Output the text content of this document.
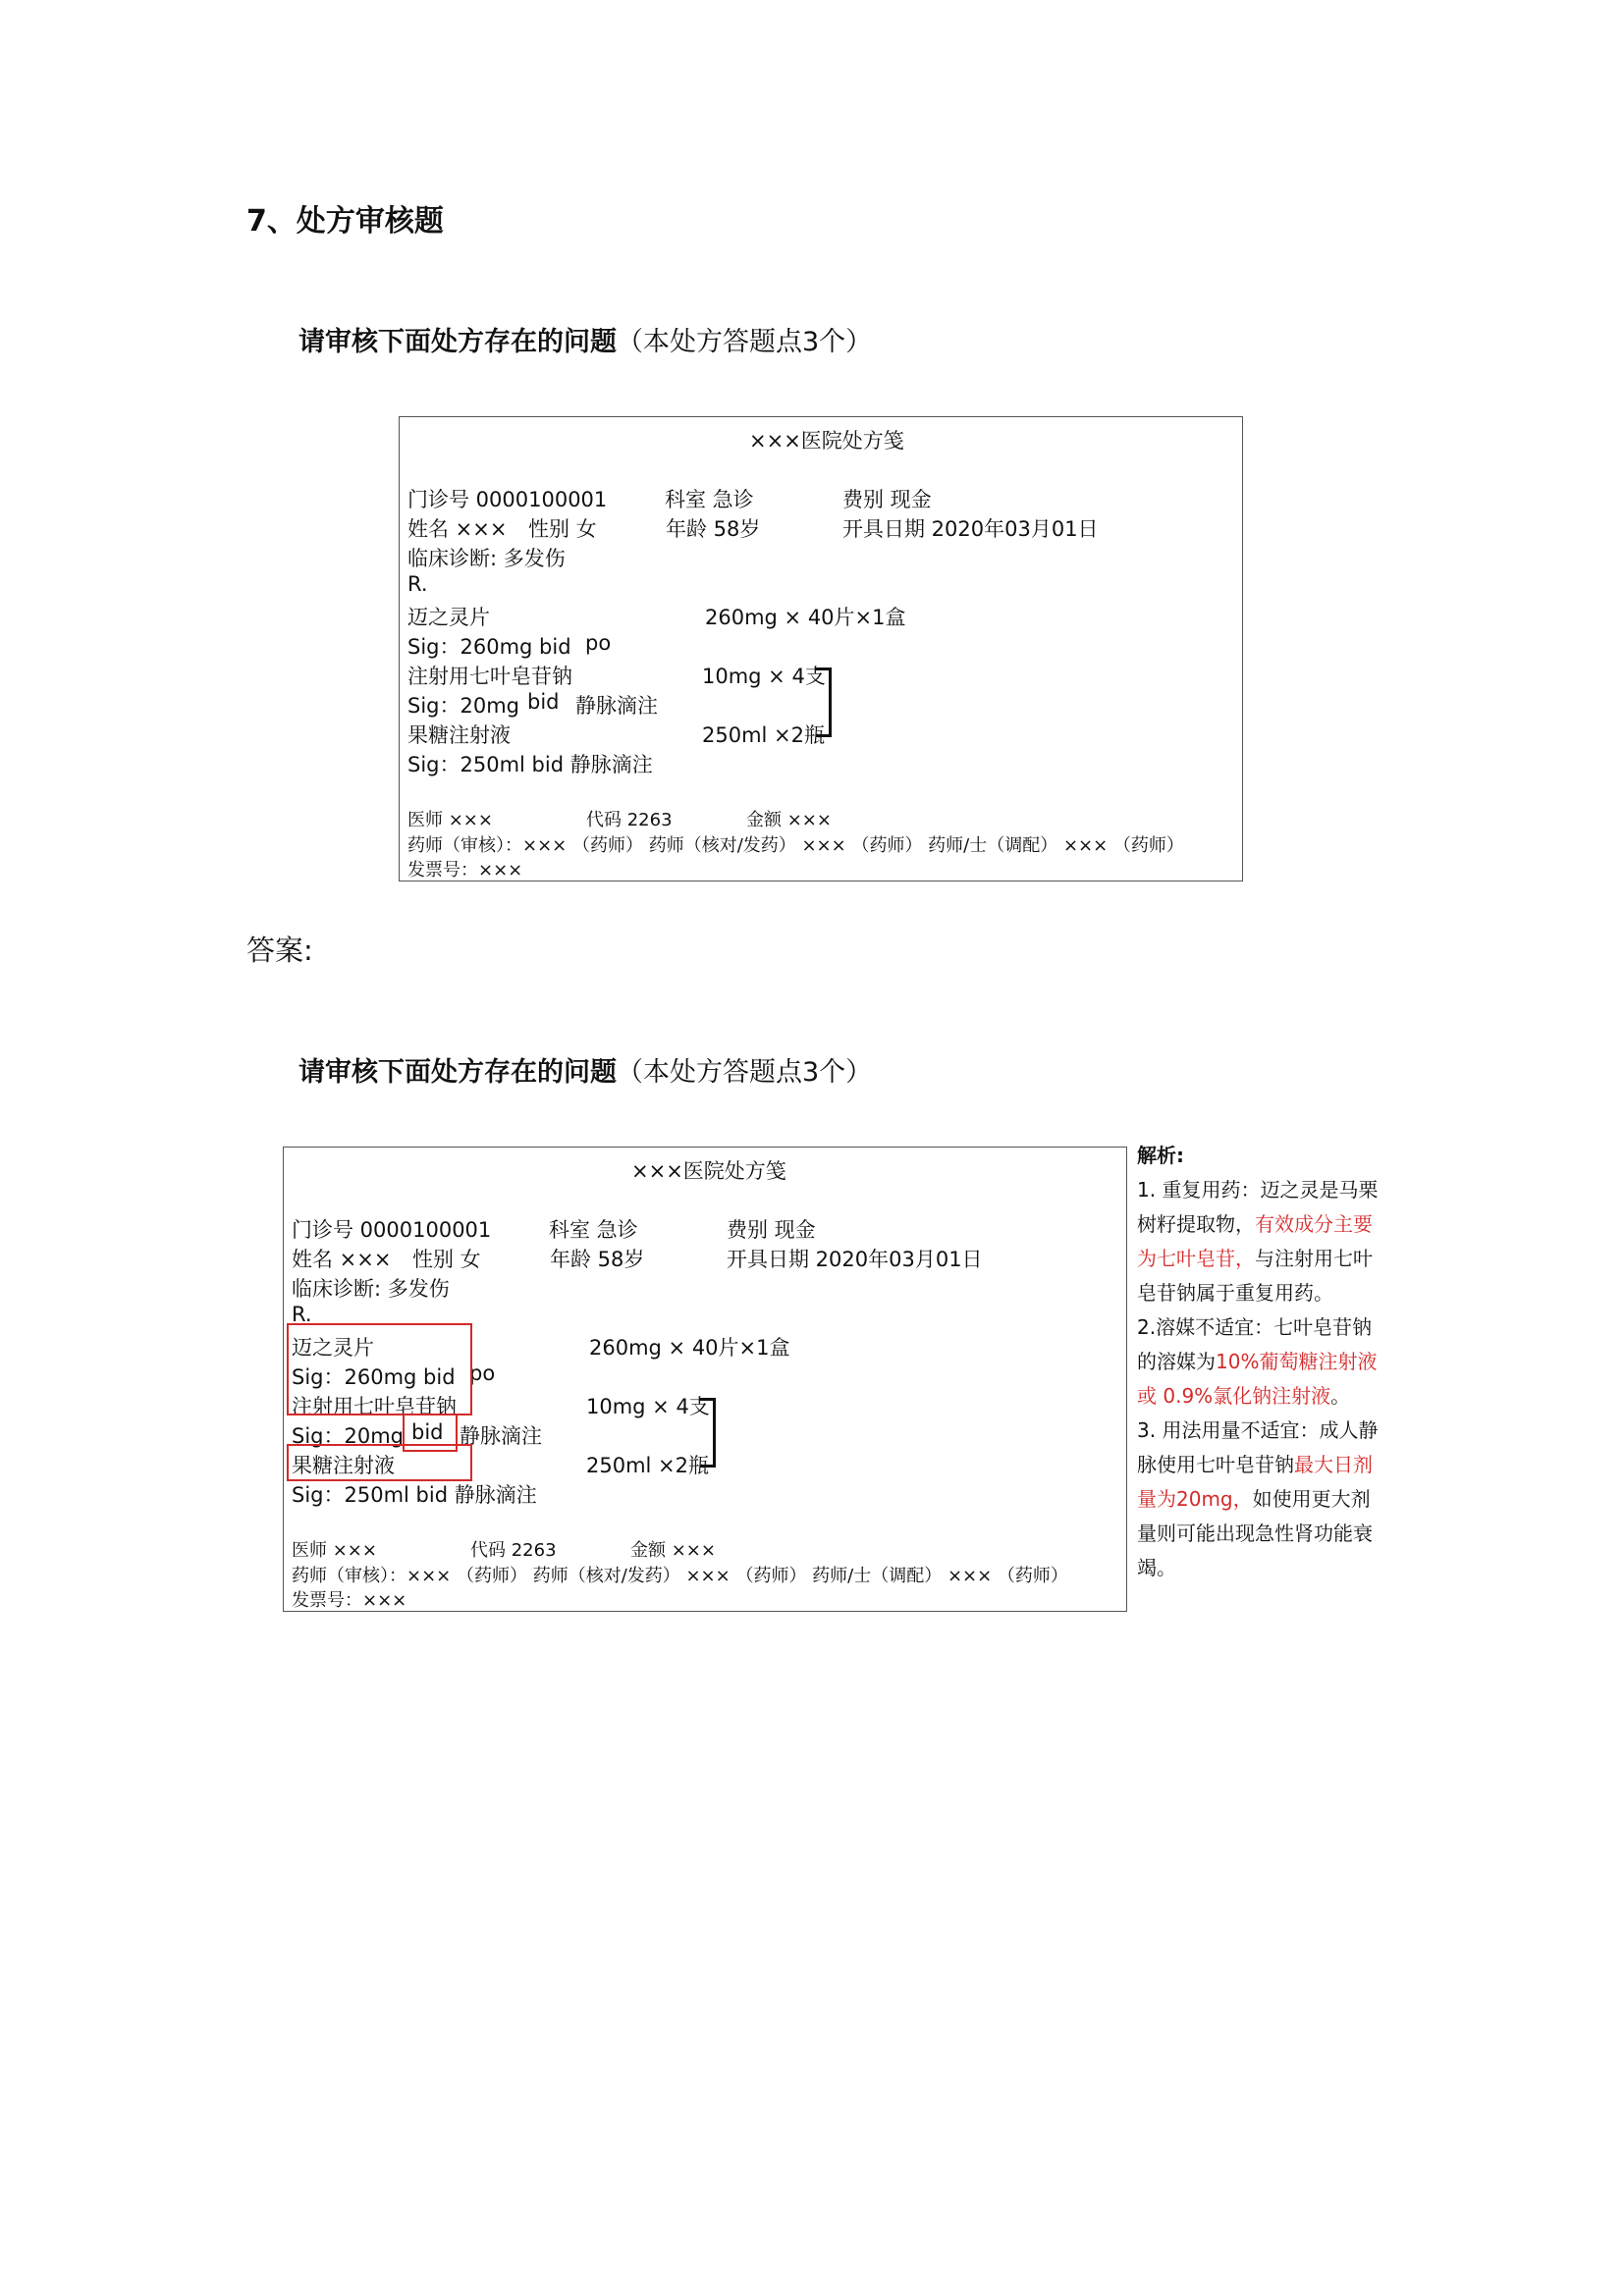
7、处方审核题
请审核下面处方存在的问题（本处方答题点3个）
×××医院处方笺
门诊号 0000100001	科室 急诊	费别 现金
姓名 ××× 性别 女	年龄 58岁	开具日期 2020年03月01日
临床诊断: 多发伤
R.
迈之灵片	260mg × 40片×1盒
Sig：260mg bid po
注射用七叶皂苷钠	10mg × 4支
Sig：20mg bid 静脉滴注
果糖注射液	250ml ×2瓶
Sig：250ml bid 静脉滴注
医师 ×××	代码 2263	金额 ×××
药师（审核）：××× （药师） 药师（核对/发药） ××× （药师） 药师/士（调配） ××× （药师）
发票号：×××
答案:
请审核下面处方存在的问题（本处方答题点3个）
×××医院处方笺
门诊号 0000100001	科室 急诊	费别 现金
姓名 ××× 性别 女	年龄 58岁	开具日期 2020年03月01日
临床诊断: 多发伤
R.
迈之灵片	260mg × 40片×1盒
Sig：260mg bid po
注射用七叶皂苷钠	10mg × 4支
Sig：20mg bid 静脉滴注
果糖注射液	250ml ×2瓶
Sig：250ml bid 静脉滴注
医师 ×××	代码 2263	金额 ×××
药师（审核）：××× （药师） 药师（核对/发药） ××× （药师） 药师/士（调配） ××× （药师）
发票号：×××
解析:
1. 重复用药：迈之灵是马栗树籽提取物，有效成分主要为七叶皂苷，与注射用七叶皂苷钠属于重复用药。
2.溶媒不适宜：七叶皂苷钠的溶媒为10%葡萄糖注射液或 0.9%氯化钠注射液。
3. 用法用量不适宜：成人静脉使用七叶皂苷钠最大日剂量为20mg，如使用更大剂量则可能出现急性肾功能衰竭。
